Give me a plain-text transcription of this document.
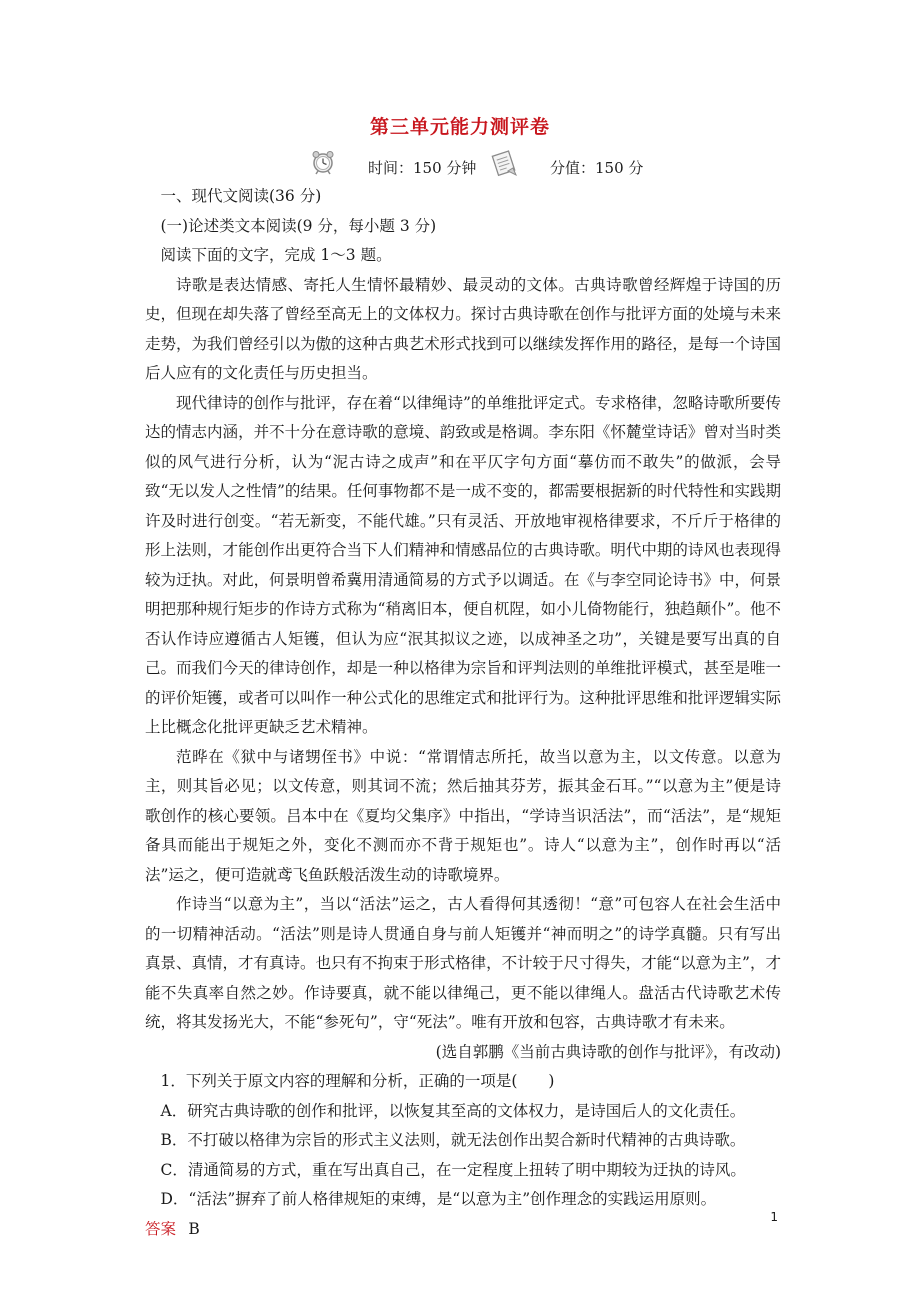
第三单元能力测评卷
时间：150 分钟	分值：150 分

一、现代文阅读(36 分)

(一)论述类文本阅读(9 分，每小题 3 分)

阅读下面的文字，完成 1～3 题。

诗歌是表达情感、寄托人生情怀最精妙、最灵动的文体。古典诗歌曾经辉煌于诗国的历史，但现在却失落了曾经至高无上的文体权力。探讨古典诗歌在创作与批评方面的处境与未来走势，为我们曾经引以为傲的这种古典艺术形式找到可以继续发挥作用的路径，是每一个诗国后人应有的文化责任与历史担当。

现代律诗的创作与批评，存在着“以律绳诗”的单维批评定式。专求格律，忽略诗歌所要传达的情志内涵，并不十分在意诗歌的意境、韵致或是格调。李东阳《怀麓堂诗话》曾对当时类似的风气进行分析，认为“泥古诗之成声”和在平仄字句方面“摹仿而不敢失”的做派，会导致“无以发人之性情”的结果。任何事物都不是一成不变的，都需要根据新的时代特性和实践期许及时进行创变。“若无新变，不能代雄。”只有灵活、开放地审视格律要求，不斤斤于格律的形上法则，才能创作出更符合当下人们精神和情感品位的古典诗歌。明代中期的诗风也表现得较为迂执。对此，何景明曾希冀用清通简易的方式予以调适。在《与李空同论诗书》中，何景明把那种规行矩步的作诗方式称为“稍离旧本，便自杌陧，如小儿倚物能行，独趋颠仆”。他不否认作诗应遵循古人矩镬，但认为应“泯其拟议之迹，以成神圣之功”，关键是要写出真的自己。而我们今天的律诗创作，却是一种以格律为宗旨和评判法则的单维批评模式，甚至是唯一的评价矩镬，或者可以叫作一种公式化的思维定式和批评行为。这种批评思维和批评逻辑实际上比概念化批评更缺乏艺术精神。

范晔在《狱中与诸甥侄书》中说：“常谓情志所托，故当以意为主，以文传意。以意为主，则其旨必见；以文传意，则其词不流；然后抽其芬芳，振其金石耳。”“以意为主”便是诗歌创作的核心要领。吕本中在《夏均父集序》中指出，“学诗当识活法”，而“活法”，是“规矩备具而能出于规矩之外，变化不测而亦不背于规矩也”。诗人“以意为主”，创作时再以“活法”运之，便可造就鸢飞鱼跃般活泼生动的诗歌境界。

作诗当“以意为主”，当以“活法”运之，古人看得何其透彻！“意”可包容人在社会生活中的一切精神活动。“活法”则是诗人贯通自身与前人矩镬并“神而明之”的诗学真髓。只有写出真景、真情，才有真诗。也只有不拘束于形式格律，不计较于尺寸得失，才能“以意为主”，才能不失真率自然之妙。作诗要真，就不能以律绳己，更不能以律绳人。盘活古代诗歌艺术传统，将其发扬光大，不能“参死句”，守“死法”。唯有开放和包容，古典诗歌才有未来。

(选自郭鹏《当前古典诗歌的创作与批评》，有改动)

1．下列关于原文内容的理解和分析，正确的一项是(　　)

A．研究古典诗歌的创作和批评，以恢复其至高的文体权力，是诗国后人的文化责任。

B．不打破以格律为宗旨的形式主义法则，就无法创作出契合新时代精神的古典诗歌。

C．清通简易的方式，重在写出真自己，在一定程度上扭转了明中期较为迂执的诗风。

D．“活法”摒弃了前人格律规矩的束缚，是“以意为主”创作理念的实践运用原则。

答案 B

1
